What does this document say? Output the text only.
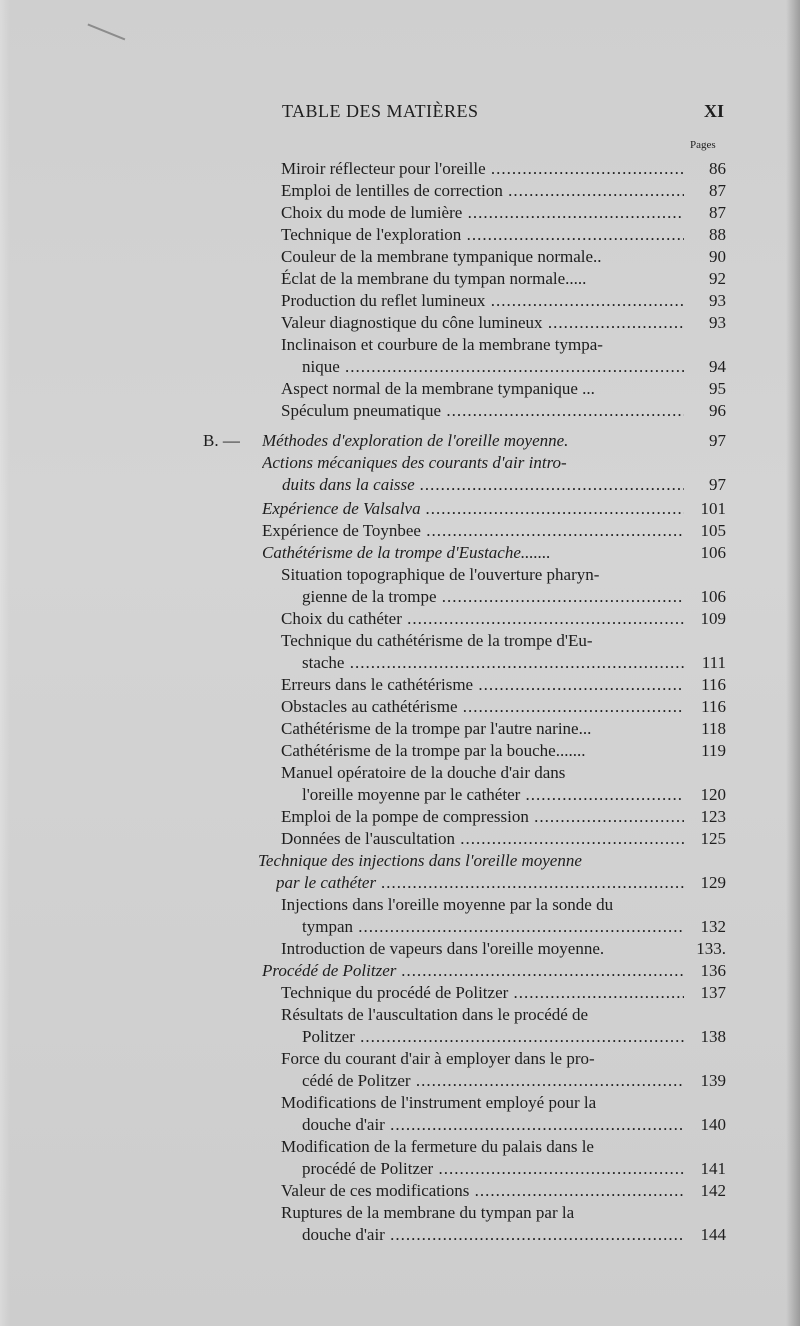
TABLE DES MATIÈRES	XI
Pages
B. —
Miroir réflecteur pour l'oreille .....	86
Emploi de lentilles de correction .....	87
Choix du mode de lumière .....	87
Technique de l'exploration .....	88
Couleur de la membrane tympanique normale..	90
Éclat de la membrane du tympan normale.....	92
Production du reflet lumineux .....	93
Valeur diagnostique du cône lumineux .....	93
Inclinaison et courbure de la membrane tympa-
nique .....	94
Aspect normal de la membrane tympanique ...	95
Spéculum pneumatique .....	96
Méthodes d'exploration de l'oreille moyenne.	97
Actions mécaniques des courants d'air intro-
duits dans la caisse .....	97
Expérience de Valsalva .....	101
Expérience de Toynbee .....	105
Cathétérisme de la trompe d'Eustache.......	106
Situation topographique de l'ouverture pharyn-
gienne de la trompe .....	106
Choix du cathéter .....	109
Technique du cathétérisme de la trompe d'Eu-
stache .....	111
Erreurs dans le cathétérisme .....	116
Obstacles au cathétérisme .....	116
Cathétérisme de la trompe par l'autre narine...	118
Cathétérisme de la trompe par la bouche.......	119
Manuel opératoire de la douche d'air dans
l'oreille moyenne par le cathéter .....	120
Emploi de la pompe de compression .....	123
Données de l'auscultation .....	125
Technique des injections dans l'oreille moyenne
par le cathéter .....	129
Injections dans l'oreille moyenne par la sonde du
tympan .....	132
Introduction de vapeurs dans l'oreille moyenne.	133.
Procédé de Politzer .....	136
Technique du procédé de Politzer .....	137
Résultats de l'auscultation dans le procédé de
Politzer .....	138
Force du courant d'air à employer dans le pro-
cédé de Politzer .....	139
Modifications de l'instrument employé pour la
douche d'air .....	140
Modification de la fermeture du palais dans le
procédé de Politzer .....	141
Valeur de ces modifications .....	142
Ruptures de la membrane du tympan par la
douche d'air .....	144
